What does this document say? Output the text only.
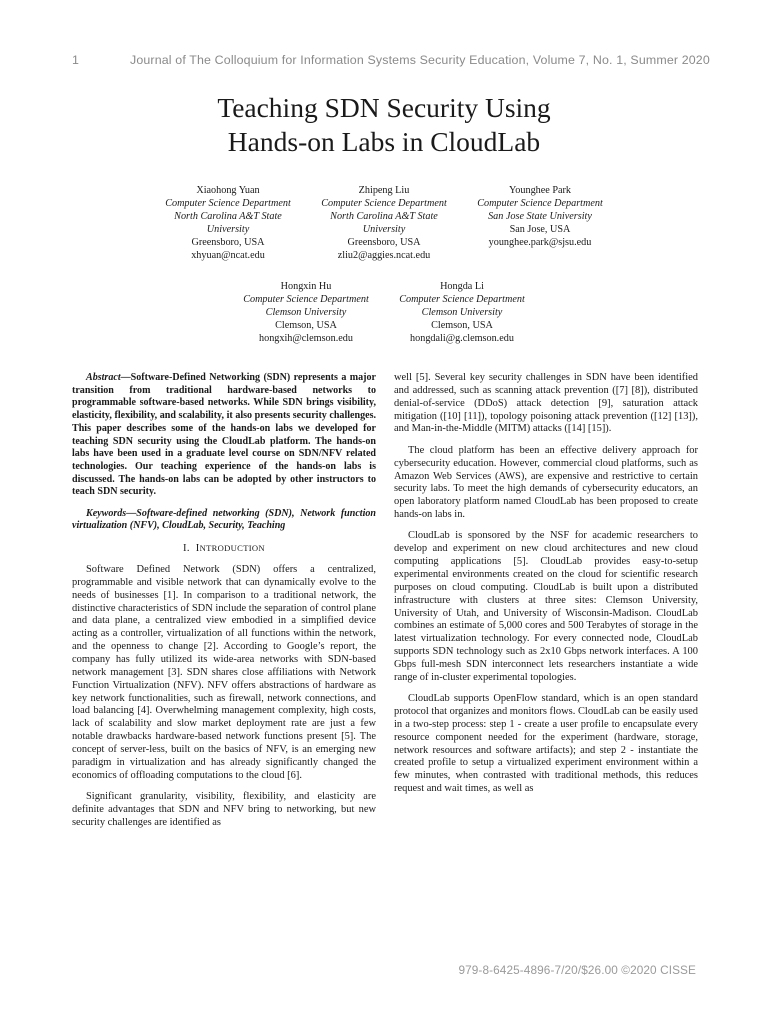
1	Journal of The Colloquium for Information Systems Security Education, Volume 7, No. 1, Summer 2020
Teaching SDN Security Using
Hands-on Labs in CloudLab
Xiaohong Yuan
Computer Science Department
North Carolina A&T State
University
Greensboro, USA
xhyuan@ncat.edu
Zhipeng Liu
Computer Science Department
North Carolina A&T State
University
Greensboro, USA
zliu2@aggies.ncat.edu
Younghee Park
Computer Science Department
San Jose State University
San Jose, USA
younghee.park@sjsu.edu
Hongxin Hu
Computer Science Department
Clemson University
Clemson, USA
hongxih@clemson.edu
Hongda Li
Computer Science Department
Clemson University
Clemson, USA
hongdali@g.clemson.edu

Abstract—Software-Defined Networking (SDN) represents a major transition from traditional hardware-based networks to programmable software-based networks. While SDN brings visibility, elasticity, flexibility, and scalability, it also presents security challenges. This paper describes some of the hands-on labs we developed for teaching SDN security using the CloudLab platform. The hands-on labs have been used in a graduate level course on SDN/NFV related technologies. Our teaching experience of the hands-on labs is discussed. The hands-on labs can be adopted by other instructors to teach SDN security.

Keywords—Software-defined networking (SDN), Network function virtualization (NFV), CloudLab, Security, Teaching

I. INTRODUCTION

Software Defined Network (SDN) offers a centralized, programmable and visible network that can dynamically evolve to the needs of businesses [1]. In comparison to a traditional network, the distinctive characteristics of SDN include the separation of control plane and data plane, a centralized view embodied in a simplified device acting as a controller, virtualization of all functions within the network, and the openness to change [2]. According to Google’s report, the company has fully utilized its wide-area networks with SDN-based network management [3]. SDN shares close affiliations with Network Function Virtualization (NFV). NFV offers abstractions of hardware as key network functionalities, such as firewall, network connections, and load balancing [4]. Overwhelming management complexity, high costs, lack of scalability and slow market deployment rate are just a few notable drawbacks hardware-based network functions present [5]. The concept of server-less, built on the basics of NFV, is an emerging new paradigm in virtualization and has already significantly changed the economics of offloading computations to the cloud [6].

Significant granularity, visibility, flexibility, and elasticity are definite advantages that SDN and NFV bring to networking, but new security challenges are identified as

well [5]. Several key security challenges in SDN have been identified and addressed, such as scanning attack prevention ([7] [8]), distributed denial-of-service (DDoS) attack detection [9], saturation attack mitigation ([10] [11]), topology poisoning attack prevention ([12] [13]), and Man-in-the-Middle (MITM) attacks ([14] [15]).

The cloud platform has been an effective delivery approach for cybersecurity education. However, commercial cloud platforms, such as Amazon Web Services (AWS), are expensive and restrictive to certain security labs. To meet the high demands of cybersecurity educators, an open laboratory platform named CloudLab has been proposed to create hands-on labs in.

CloudLab is sponsored by the NSF for academic researchers to develop and experiment on new cloud architectures and new cloud computing applications [5]. CloudLab provides easy-to-setup experimental environments created on the cloud for scientific research purposes on cloud computing. CloudLab is built upon a distributed infrastructure with clusters at three sites: Clemson University, University of Utah, and University of Wisconsin-Madison. CloudLab combines an estimate of 5,000 cores and 500 Terabytes of storage in the latest virtualization technology. For every connected node, CloudLab supports SDN technology such as 2x10 Gbps network interfaces. A 100 Gbps full-mesh SDN interconnect lets researchers instantiate a wide range of in-cluster experimental topologies.

CloudLab supports OpenFlow standard, which is an open standard protocol that organizes and monitors flows. CloudLab can be easily used in a two-step process: step 1 - create a user profile to encapsulate every resource component needed for the experiment (hardware, storage, network resources and software artifacts); and step 2 - instantiate the created profile to setup a virtualized experiment environment within a few minutes, when contrasted with traditional methods, this reduces request and wait times, as well as

979-8-6425-4896-7/20/$26.00 ©2020 CISSE
